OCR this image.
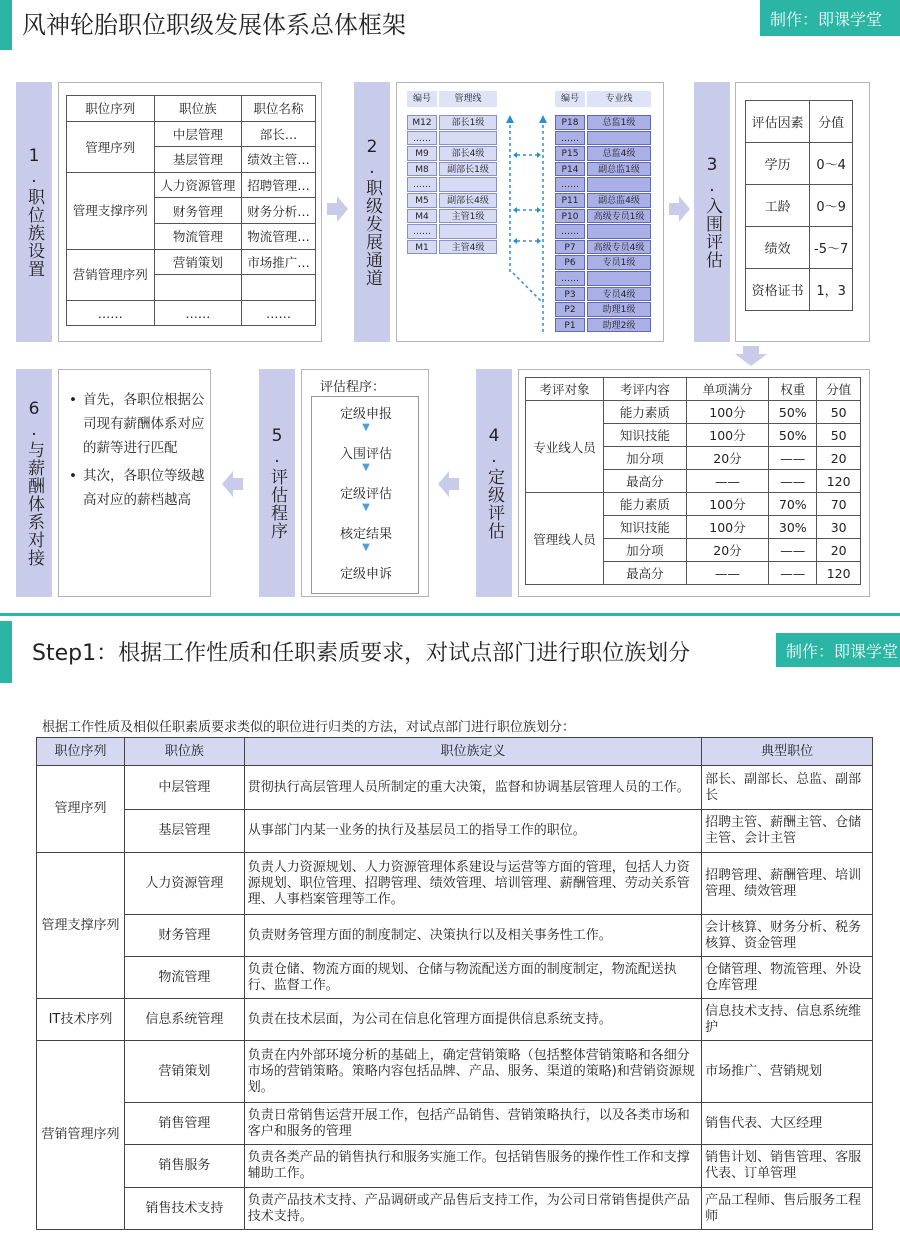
风神轮胎职位职级发展体系总体框架	制作：即课学堂
1.职位族设置
职位序列	职位族	职位名称
管理序列	中层管理	部长…
	基层管理	绩效主管…
管理支撑序列	人力资源管理	招聘管理…
	财务管理	财务分析…
	物流管理	物流管理…
营销管理序列	营销策划	市场推广…

……	……	……
2.职级发展通道
编号	管理线	编号	专业线
M12	部长1级
……
M9	部长4级
M8	副部长1级
……
M5	副部长4级
M4	主管1级
……
M1	主管4级
P18	总监1级
……
P15	总监4级
P14	副总监1级
……
P11	副总监4级
P10	高级专员1级
……
P7	高级专员4级
P6	专员1级
……
P3	专员4级
P2	助理1级
P1	助理2级
3.入围评估
评估因素	分值
学历	0～4
工龄	0～9
绩效	-5～7
资格证书	1，3
4.定级评估
考评对象	考评内容	单项满分	权重	分值
专业线人员	能力素质	100分	50%	50
	知识技能	100分	50%	50
	加分项	20分	——	20
	最高分	——	——	120
管理线人员	能力素质	100分	70%	70
	知识技能	100分	30%	30
	加分项	20分	——	20
	最高分	——	——	120
5.评估程序
评估程序：
定级申报
▼
入围评估
▼
定级评估
▼
核定结果
▼
定级申诉
6.与薪酬体系对接 • 首先，各职位根据公司现有薪酬体系对应的薪等进行匹配
• 其次，各职位等级越高对应的薪档越高
Step1：根据工作性质和任职素质要求，对试点部门进行职位族划分	制作：即课学堂
根据工作性质及相似任职素质要求类似的职位进行归类的方法，对试点部门进行职位族划分：
职位序列	职位族	职位族定义	典型职位
管理序列	中层管理	贯彻执行高层管理人员所制定的重大决策，监督和协调基层管理人员的工作。	部长、副部长、总监、副部长
	基层管理	从事部门内某一业务的执行及基层员工的指导工作的职位。	招聘主管、薪酬主管、仓储主管、会计主管
管理支撑序列	人力资源管理	负责人力资源规划、人力资源管理体系建设与运营等方面的管理，包括人力资源规划、职位管理、招聘管理、绩效管理、培训管理、薪酬管理、劳动关系管理、人事档案管理等工作。	招聘管理、薪酬管理、培训管理、绩效管理
	财务管理	负责财务管理方面的制度制定、决策执行以及相关事务性工作。	会计核算、财务分析、税务核算、资金管理
	物流管理	负责仓储、物流方面的规划、仓储与物流配送方面的制度制定，物流配送执行、监督工作。	仓储管理、物流管理、外设仓库管理
IT技术序列	信息系统管理	负责在技术层面，为公司在信息化管理方面提供信息系统支持。	信息技术支持、信息系统维护
营销管理序列	营销策划	负责在内外部环境分析的基础上，确定营销策略（包括整体营销策略和各细分市场的营销策略。策略内容包括品牌、产品、服务、渠道的策略)和营销资源规划。	市场推广、营销规划
	销售管理	负责日常销售运营开展工作，包括产品销售、营销策略执行，以及各类市场和客户和服务的管理	销售代表、大区经理
	销售服务	负责各类产品的销售执行和服务实施工作。包括销售服务的操作性工作和支撑辅助工作。	销售计划、销售管理、客服代表、订单管理
	销售技术支持	负责产品技术支持、产品调研或产品售后支持工作，为公司日常销售提供产品技术支持。	产品工程师、售后服务工程师
